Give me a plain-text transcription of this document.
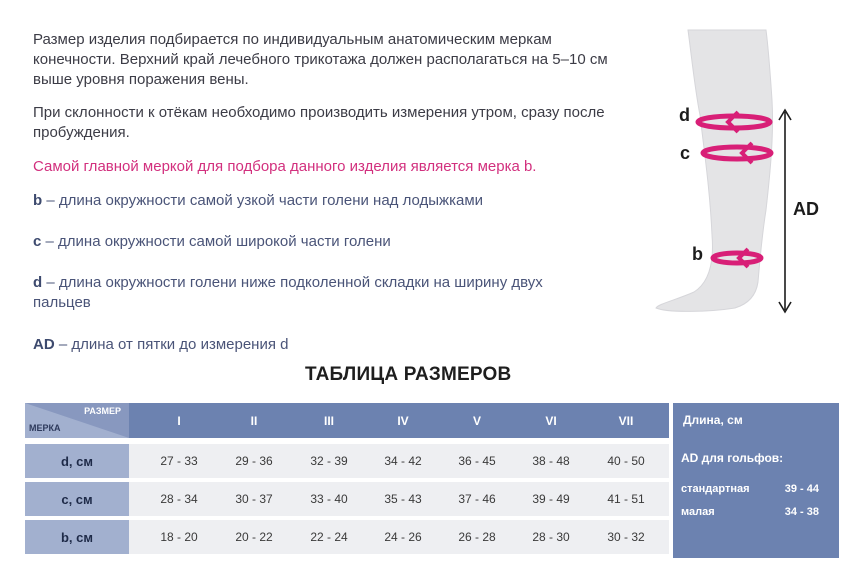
Размер изделия подбирается по индивидуальным анатомическим меркам конечности. Верхний край лечебного трикотажа должен располагаться на 5–10 см выше уровня поражения вены.

При склонности к отёкам необходимо производить измерения утром, сразу после пробуждения.

Самой главной меркой для подбора данного изделия является мерка b.

b – длина окружности самой узкой части голени над лодыжками
c – длина окружности самой широкой части голени
d – длина окружности голени ниже подколенной складки на ширину двух пальцев
AD – длина от пятки до измерения d
d
c
b
AD
ТАБЛИЦА РАЗМЕРОВ
РАЗМЕР
МЕРКА
I	II	III	IV	V	VI	VII
d, см	27 - 33	29 - 36	32 - 39	34 - 42	36 - 45	38 - 48	40 - 50
c, см	28 - 34	30 - 37	33 - 40	35 - 43	37 - 46	39 - 49	41 - 51
b, см	18 - 20	20 - 22	22 - 24	24 - 26	26 - 28	28 - 30	30 - 32
Длина, см
AD для гольфов:
стандартная	39 - 44
малая	34 - 38
